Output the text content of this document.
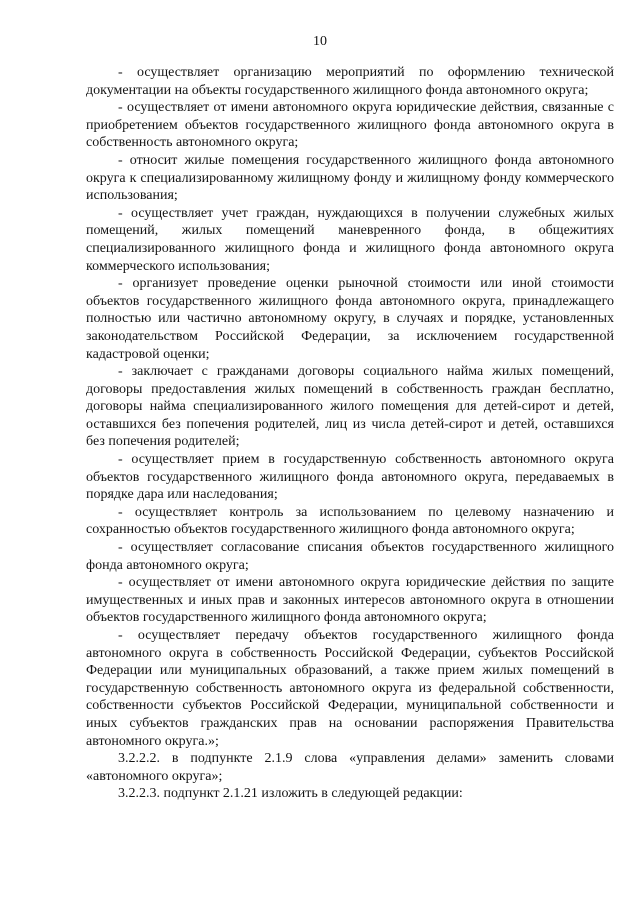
10

- осуществляет организацию мероприятий по оформлению технической документации на объекты государственного жилищного фонда автономного округа;

- осуществляет от имени автономного округа юридические действия, связанные с приобретением объектов государственного жилищного фонда автономного округа в собственность автономного округа;

- относит жилые помещения государственного жилищного фонда автономного округа к специализированному жилищному фонду и жилищному фонду коммерческого использования;

- осуществляет учет граждан, нуждающихся в получении служебных жилых помещений, жилых помещений маневренного фонда, в общежитиях специализированного жилищного фонда и жилищного фонда автономного округа коммерческого использования;

- организует проведение оценки рыночной стоимости или иной стоимости объектов государственного жилищного фонда автономного округа, принадлежащего полностью или частично автономному округу, в случаях и порядке, установленных законодательством Российской Федерации, за исключением государственной кадастровой оценки;

- заключает с гражданами договоры социального найма жилых помещений, договоры предоставления жилых помещений в собственность граждан бесплатно, договоры найма специализированного жилого помещения для детей-сирот и детей, оставшихся без попечения родителей, лиц из числа детей-сирот и детей, оставшихся без попечения родителей;

- осуществляет прием в государственную собственность автономного округа объектов государственного жилищного фонда автономного округа, передаваемых в порядке дара или наследования;

- осуществляет контроль за использованием по целевому назначению и сохранностью объектов государственного жилищного фонда автономного округа;

- осуществляет согласование списания объектов государственного жилищного фонда автономного округа;

- осуществляет от имени автономного округа юридические действия по защите имущественных и иных прав и законных интересов автономного округа в отношении объектов государственного жилищного фонда автономного округа;

- осуществляет передачу объектов государственного жилищного фонда автономного округа в собственность Российской Федерации, субъектов Российской Федерации или муниципальных образований, а также прием жилых помещений в государственную собственность автономного округа из федеральной собственности, собственности субъектов Российской Федерации, муниципальной собственности и иных субъектов гражданских прав на основании распоряжения Правительства автономного округа.»;

3.2.2.2. в подпункте 2.1.9 слова «управления делами» заменить словами «автономного округа»;

3.2.2.3. подпункт 2.1.21 изложить в следующей редакции:
